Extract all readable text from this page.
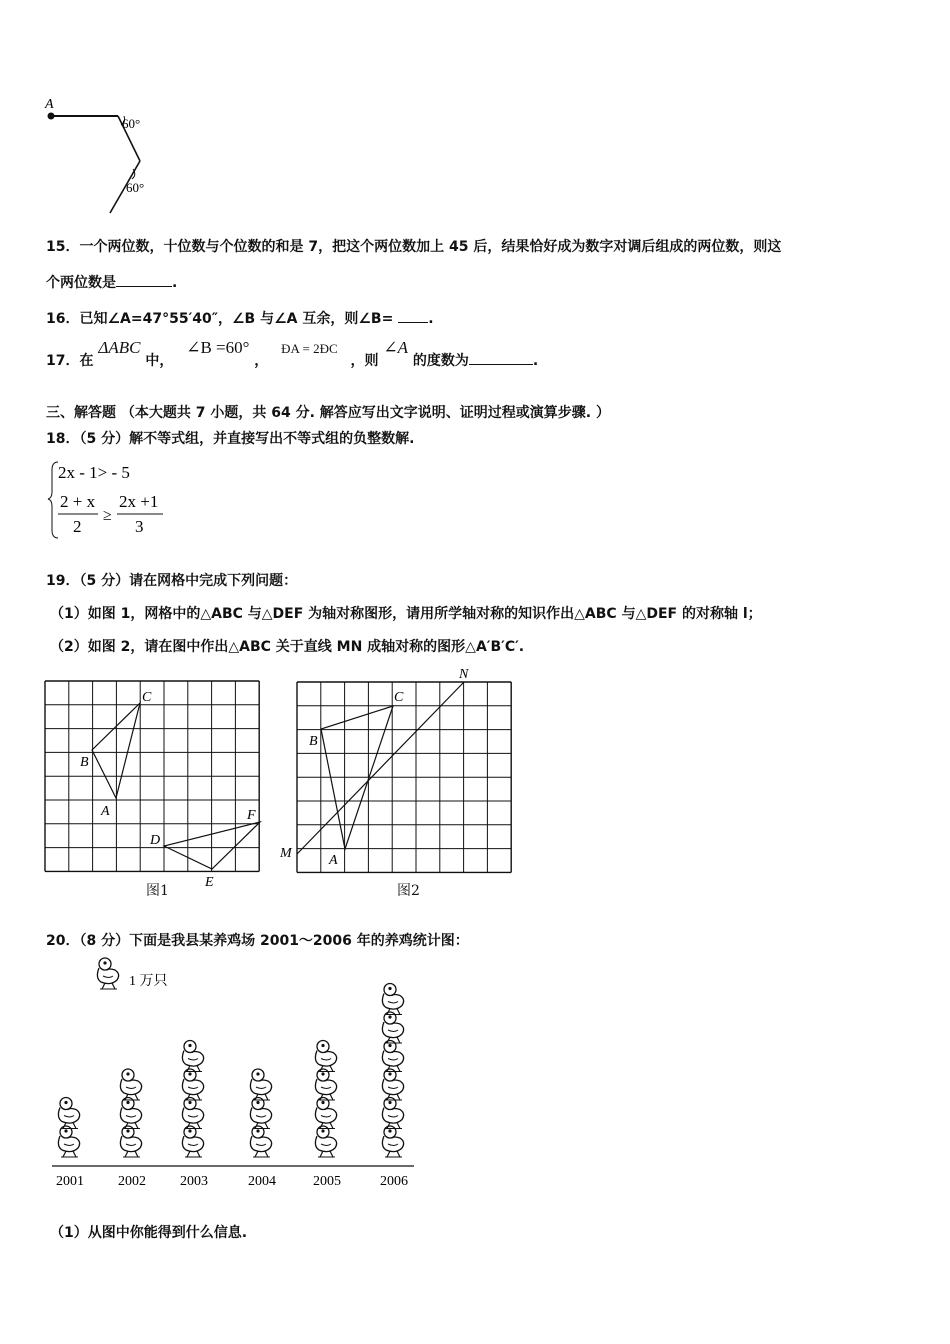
A
60°
60°
15．一个两位数，十位数与个位数的和是 7，把这个两位数加上 45 后，结果恰好成为数字对调后组成的两位数，则这
个两位数是	.
16．已知∠A=47°55′40″，∠B 与∠A 互余，则∠B= .
17．在 ΔABC 中， ∠B =60° ， ÐA = 2ÐC ，则 ∠A 的度数为	.
三、解答题 （本大题共 7 小题，共 64 分. 解答应写出文字说明、证明过程或演算步骤. ）
18．（5 分）解不等式组，并直接写出不等式组的负整数解.
2x - 1> - 5
2 + x
2
≥
2x +1
3
19．（5 分）请在网格中完成下列问题：
（1）如图 1，网格中的△ABC 与△DEF 为轴对称图形，请用所学轴对称的知识作出△ABC 与△DEF 的对称轴 l；
（2）如图 2，请在图中作出△ABC 关于直线 MN 成轴对称的图形△A′B′C′.
C
B
A
D
E
F
图1
N
C
B
M	A
图2
20．（8 分）下面是我县某养鸡场 2001～2006 年的养鸡统计图：
1 万只
2001 2002 2003	2004	2005	2006
（1）从图中你能得到什么信息.
